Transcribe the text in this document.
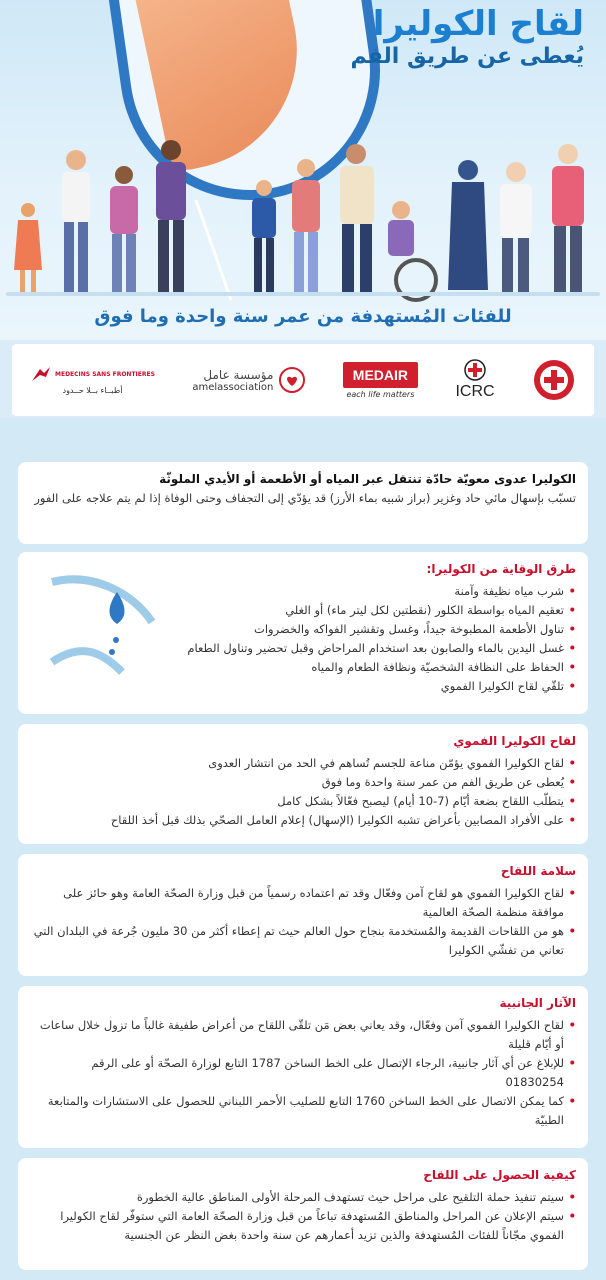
لقاح الكوليرا
يُعطى عن طريق الفم
للفئات المُستهدفة من عمر سنة واحدة وما فوق
MEDECINS SANS FRONTIERES
أطبــاء بــلا حــدود
مؤسسة عامل
amelassociation
MEDAIR
each life matters	ICRC
الكوليرا عدوى معويّة حادّة تنتقل عبر المياه أو الأطعمة أو الأيدي الملوثّة
تسبّب بإسهال مائي حاد وغزير (براز شبيه بماء الأرز) قد يؤدّي إلى التجفاف وحتى الوفاة إذا لم يتم علاجه على الفور
طرق الوقاية من الكوليرا:
• شرب مياه نظيفة وآمنة
• تعقيم المياه بواسطة الكلور (نقطتين لكل ليتر ماء) أو الغلي
• تناول الأطعمة المطبوخة جيداً، وغسل وتقشير الفواكه والخضروات
• غسل اليدين بالماء والصابون بعد استخدام المراحاض وقبل تحضير وتناول الطعام
• الحفاظ على النظافة الشخصيّة ونظافة الطعام والمياه
• تلقّي لقاح الكوليرا الفموي
لقاح الكوليرا الفموي
• لقاح الكوليرا الفموي يؤمّن مناعة للجسم تُساهم في الحد من انتشار العدوى
• يُعطى عن طريق الفم من عمر سنة واحدة وما فوق
• يتطلّب اللقاح بضعة أيّام (7-10 أيام) ليصبح فعّالاً بشكل كامل
• على الأفراد المصابين بأعراض تشبه الكوليرا (الإسهال) إعلام العامل الصحّي بذلك قبل أخذ اللقاح
سلامة اللقاح
• لقاح الكوليرا الفموي هو لقاح آمن وفعّال وقد تم اعتماده رسمياً من قبل وزارة الصحّة العامة وهو حائز على موافقة منظمة الصحّة العالمية
• هو من اللقاحات القديمة والمُستخدمة بنجاح حول العالم حيث تم إعطاء أكثر من 30 مليون جُرعة في البلدان التي تعاني من تفشّي الكوليرا
الآثار الجانبية
• لقاح الكوليرا الفموي آمن وفعّال، وقد يعاني بعض مَن تلقّى اللقاح من أعراض طفيفة غالباً ما تزول خلال ساعات أو أيّام قليلة
• للإبلاغ عن أي آثار جانبية، الرجاء الإتصال على الخط الساخن 1787 التابع لوزارة الصحّة أو على الرقم 01830254
• كما يمكن الاتصال على الخط الساخن 1760 التابع للصليب الأحمر اللبناني للحصول على الاستشارات والمتابعة الطبيّة
كيفية الحصول على اللقاح
• سيتم تنفيذ حملة التلقيح على مراحل حيث تستهدف المرحلة الأولى المناطق عالية الخطورة
• سيتم الإعلان عن المراحل والمناطق المُستهدفة تباعاً من قبل وزارة الصحّة العامة التي ستوفّر لقاح الكوليرا الفموي مجّاناً للفئات المُستهدفة والذين تزيد أعمارهم عن سنة واحدة بغض النظر عن الجنسية
